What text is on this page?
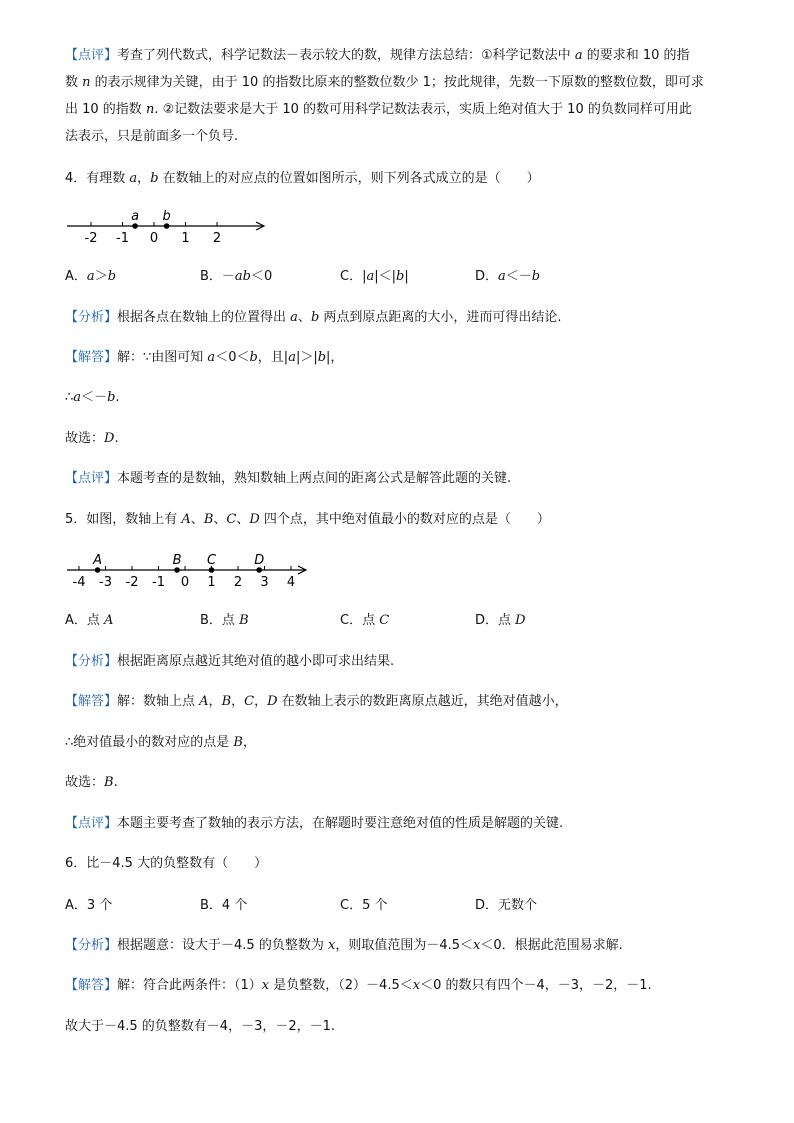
【点评】考查了列代数式，科学记数法－表示较大的数，规律方法总结：①科学记数法中 a 的要求和 10 的指
数 n 的表示规律为关键，由于 10 的指数比原来的整数位数少 1；按此规律，先数一下原数的整数位数，即可求
出 10 的指数 n. ②记数法要求是大于 10 的数可用科学记数法表示，实质上绝对值大于 10 的负数同样可用此
法表示，只是前面多一个负号.
4．有理数 a，b 在数轴上的对应点的位置如图所示，则下列各式成立的是（　　）
-2 -1 0 1 2
a b
A．a＞b	B．－ab＜0	C．|a|＜|b|	D．a＜－b
【分析】根据各点在数轴上的位置得出 a、b 两点到原点距离的大小，进而可得出结论.
【解答】解：∵由图可知 a＜0＜b，且|a|＞|b|，
∴a＜－b.
故选：D.
【点评】本题考查的是数轴，熟知数轴上两点间的距离公式是解答此题的关键.
5．如图，数轴上有 A、B、C、D 四个点，其中绝对值最小的数对应的点是（　　）
-4 -3 -2 -1 0 1 2 3 4
A	B C	D
A．点 A	B．点 B	C．点 C	D．点 D
【分析】根据距离原点越近其绝对值的越小即可求出结果.
【解答】解：数轴上点 A，B，C，D 在数轴上表示的数距离原点越近，其绝对值越小，
∴绝对值最小的数对应的点是 B，
故选：B.
【点评】本题主要考查了数轴的表示方法，在解题时要注意绝对值的性质是解题的关键.
6．比－4.5 大的负整数有（　　）
A．3 个	B．4 个	C．5 个	D．无数个
【分析】根据题意：设大于－4.5 的负整数为 x，则取值范围为－4.5＜x＜0．根据此范围易求解.
【解答】解：符合此两条件：（1）x 是负整数，（2）－4.5＜x＜0 的数只有四个－4，－3，－2，－1.
故大于－4.5 的负整数有－4，－3，－2，－1.
